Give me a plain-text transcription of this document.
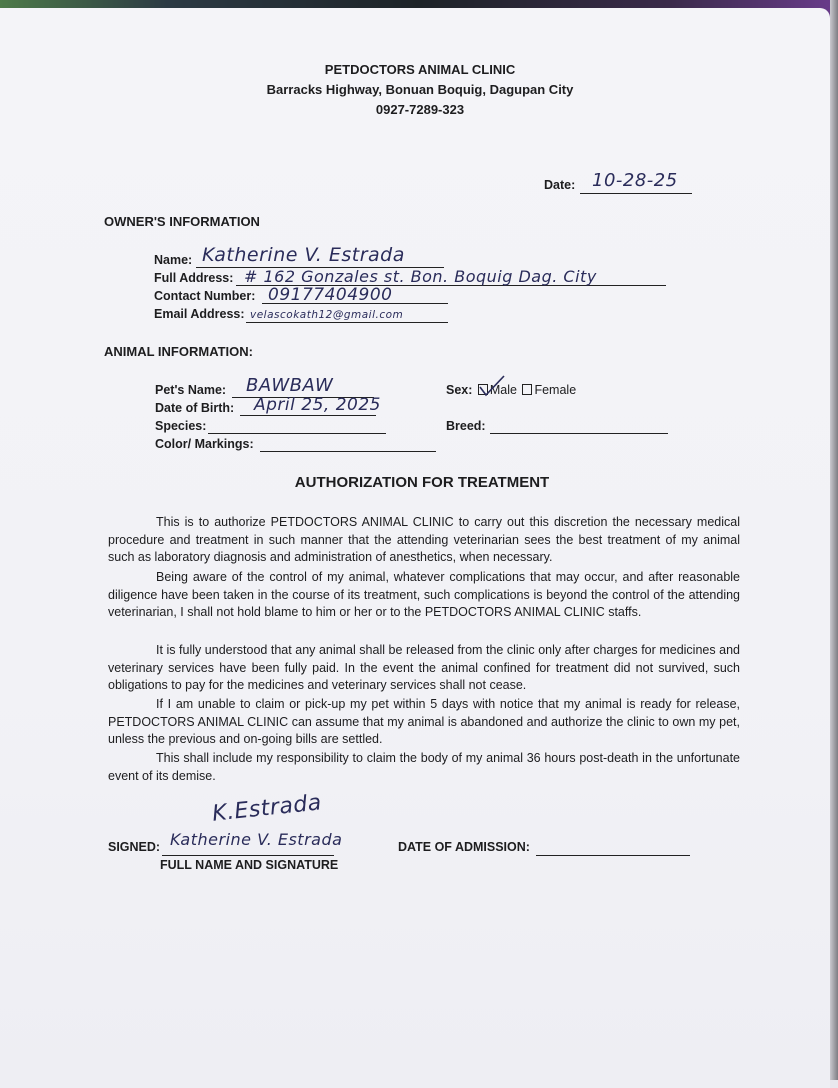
PETDOCTORS ANIMAL CLINIC
Barracks Highway, Bonuan Boquig, Dagupan City
0927-7289-323
Date: 10-28-25
OWNER'S INFORMATION
Name: Katherine V. Estrada
Full Address: # 162 Gonzales st. Bon. Boquig Dag. City
Contact Number: 09177404900
Email Address: velascokath12@gmail.com
ANIMAL INFORMATION:
Pet's Name: BAWBAW
Date of Birth: April 25, 2025
Species:
Color/ Markings:
Sex: Male Female
Breed:
AUTHORIZATION FOR TREATMENT

This is to authorize PETDOCTORS ANIMAL CLINIC to carry out this discretion the necessary medical procedure and treatment in such manner that the attending veterinarian sees the best treatment of my animal such as laboratory diagnosis and administration of anesthetics, when necessary.

Being aware of the control of my animal, whatever complications that may occur, and after reasonable diligence have been taken in the course of its treatment, such complications is beyond the control of the attending veterinarian, I shall not hold blame to him or her or to the PETDOCTORS ANIMAL CLINIC staffs.

It is fully understood that any animal shall be released from the clinic only after charges for medicines and veterinary services have been fully paid. In the event the animal confined for treatment did not survived, such obligations to pay for the medicines and veterinary services shall not cease.

If I am unable to claim or pick-up my pet within 5 days with notice that my animal is ready for release, PETDOCTORS ANIMAL CLINIC can assume that my animal is abandoned and authorize the clinic to own my pet, unless the previous and on-going bills are settled.

This shall include my responsibility to claim the body of my animal 36 hours post-death in the unfortunate event of its demise.

K.Estrada
SIGNED: Katherine V. Estrada
FULL NAME AND SIGNATURE
DATE OF ADMISSION:
